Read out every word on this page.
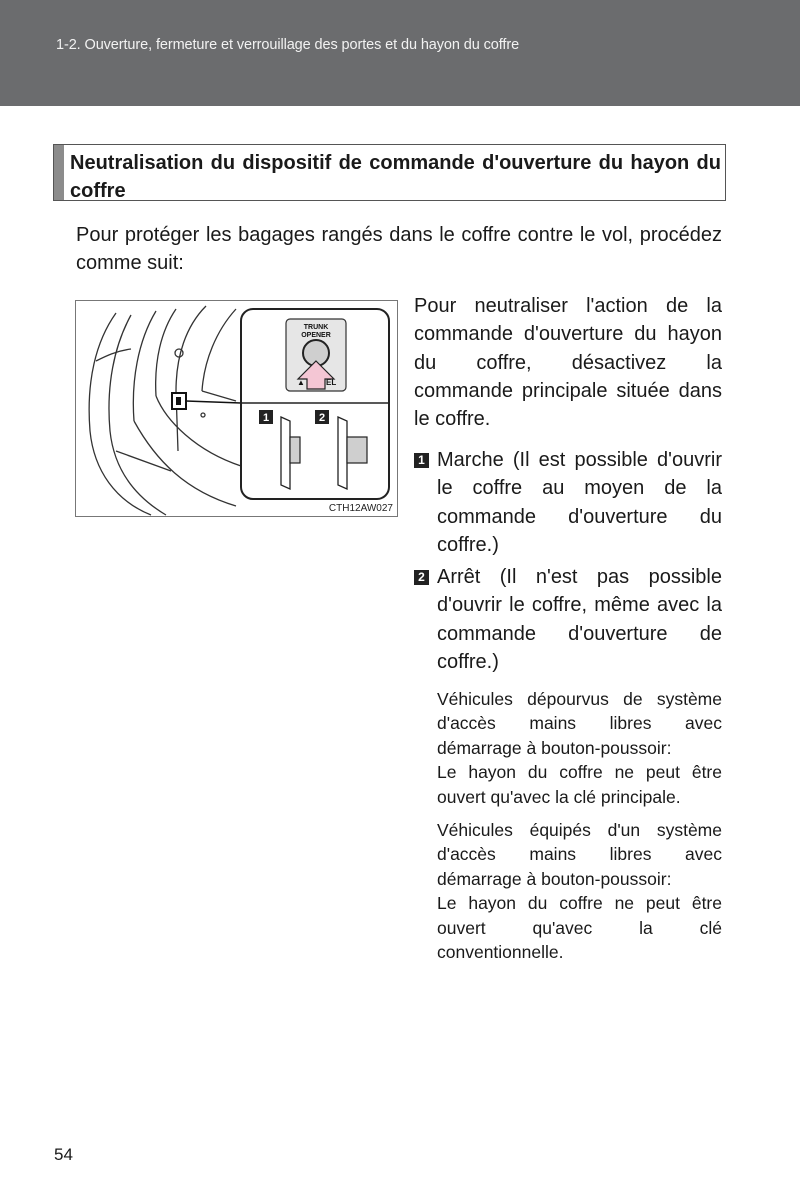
1-2. Ouverture, fermeture et verrouillage des portes et du hayon du coffre
Neutralisation du dispositif de commande d'ouverture du hayon du coffre
Pour protéger les bagages rangés dans le coffre contre le vol, procédez comme suit:
TRUNK
OPENER
▲	EL
1	2
CTH12AW027
Pour neutraliser l'action de la commande d'ouverture du hayon du coffre, désactivez la commande principale située dans le coffre.
1 Marche (Il est possible d'ouvrir le coffre au moyen de la commande d'ouverture du coffre.)
2 Arrêt (Il n'est pas possible d'ouvrir le coffre, même avec la commande d'ouverture de coffre.)

Véhicules dépourvus de système d'accès mains libres avec démarrage à bouton-poussoir:

Le hayon du coffre ne peut être ouvert qu'avec la clé principale.

Véhicules équipés d'un système d'accès mains libres avec démarrage à bouton-poussoir:

Le hayon du coffre ne peut être ouvert qu'avec la clé conventionnelle.

54
